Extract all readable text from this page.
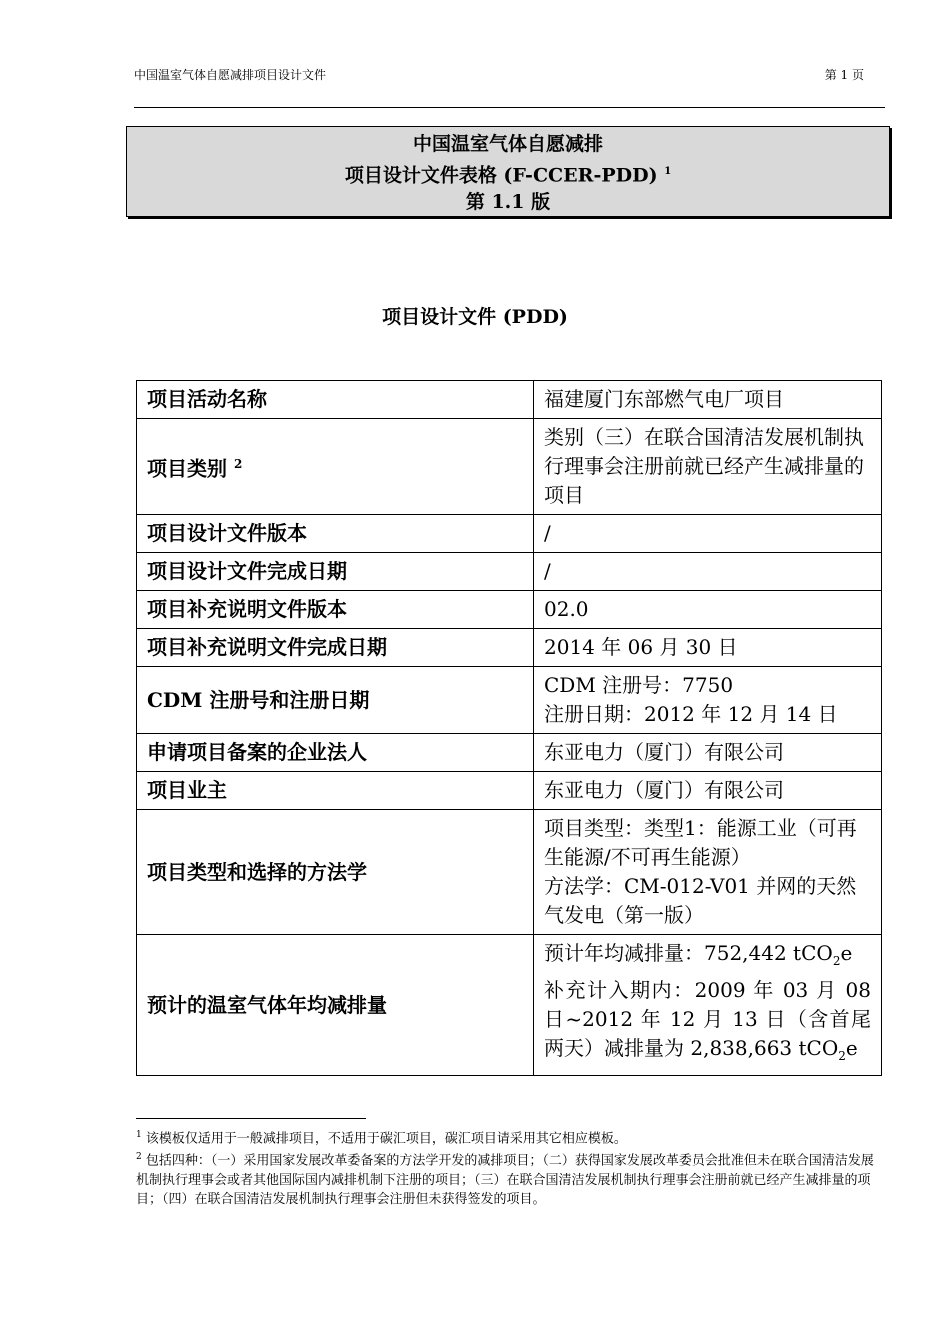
中国温室气体自愿减排项目设计文件	第 1 页
中国温室气体自愿减排
项目设计文件表格 (F-CCER-PDD) $^1$
第 1.1 版
项目设计文件 (PDD)
项目活动名称	福建厦门东部燃气电厂项目

项目类别 $^2$	类别（三）在联合国清洁发展机制执行理事会注册前就已经产生减排量的项目

项目设计文件版本	/

项目设计文件完成日期	/

项目补充说明文件版本	02.0

项目补充说明文件完成日期	2014 年 06 月 30 日

CDM 注册号和注册日期	CDM 注册号：7750
注册日期：2012 年 12 月 14 日

申请项目备案的企业法人	东亚电力（厦门）有限公司

项目业主	东亚电力（厦门）有限公司

项目类型和选择的方法学	项目类型：类型1：能源工业（可再生能源/不可再生能源）
方法学：CM-012-V01 并网的天然气发电（第一版）

预计的温室气体年均减排量	预计年均减排量：752,442 tCO$_2$e
补充计入期内：2009 年 03 月 08 日~2012 年 12 月 13 日（含首尾两天）减排量为 2,838,663 tCO$_2$e

$^1$ 该模板仅适用于一般减排项目，不适用于碳汇项目，碳汇项目请采用其它相应模板。

$^2$ 包括四种：（一）采用国家发展改革委备案的方法学开发的减排项目；（二）获得国家发展改革委员会批准但未在联合国清洁发展机制执行理事会或者其他国际国内减排机制下注册的项目；（三）在联合国清洁发展机制执行理事会注册前就已经产生减排量的项目；（四）在联合国清洁发展机制执行理事会注册但未获得签发的项目。
